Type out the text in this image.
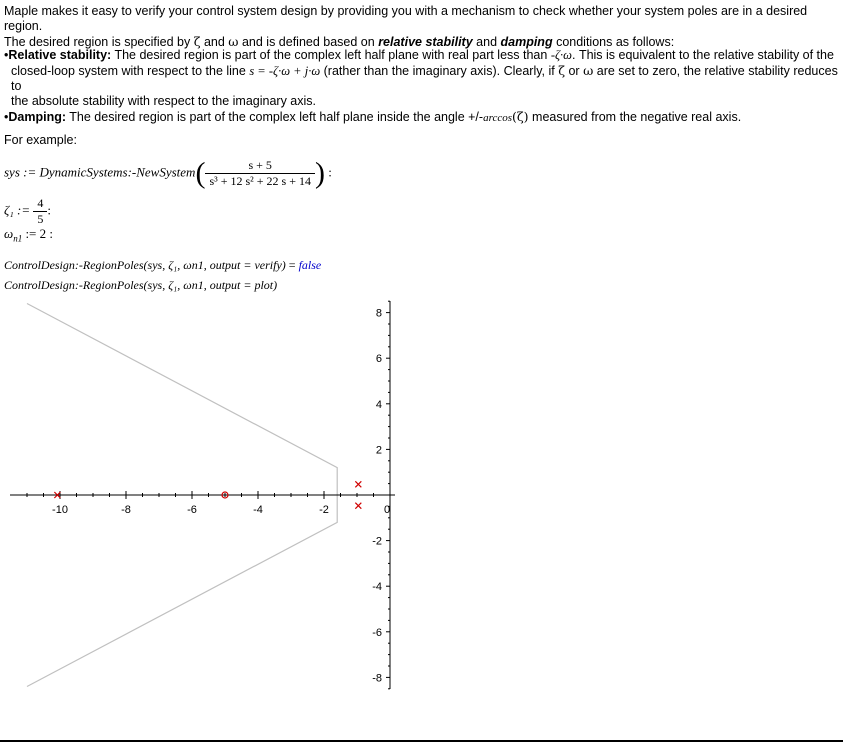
Maple makes it easy to verify your control system design by providing you with a mechanism to check whether your system poles are in a desired region.
The desired region is specified by ζ and ω and is defined based on relative stability and damping conditions as follows:
•Relative stability: The desired region is part of the complex left half plane with real part less than -ζ·ω. This is equivalent to the relative stability of the
closed-loop system with respect to the line s = -ζ·ω + j·ω (rather than the imaginary axis). Clearly, if ζ or ω are set to zero, the relative stability reduces to
the absolute stability with respect to the imaginary axis.
•Damping: The desired region is part of the complex left half plane inside the angle +/-arccos(ζ) measured from the negative real axis.
For example:
sys := DynamicSystems:-NewSystem( $\frac{s + 5}{\text{s³ + 12 s² + 22 s + 14}}$ ) :
ζ₁ := $\frac{4}{5}$ :
$\omega_{n1}$ := 2 :
ControlDesign:-RegionPoles(sys, ζ₁, ωn1, output = verify) = false
ControlDesign:-RegionPoles(sys, ζ₁, ωn1, output = plot)
-10	-8	-6	-4	-2
8
6
4
2
-2
-4
-6
-8
0
